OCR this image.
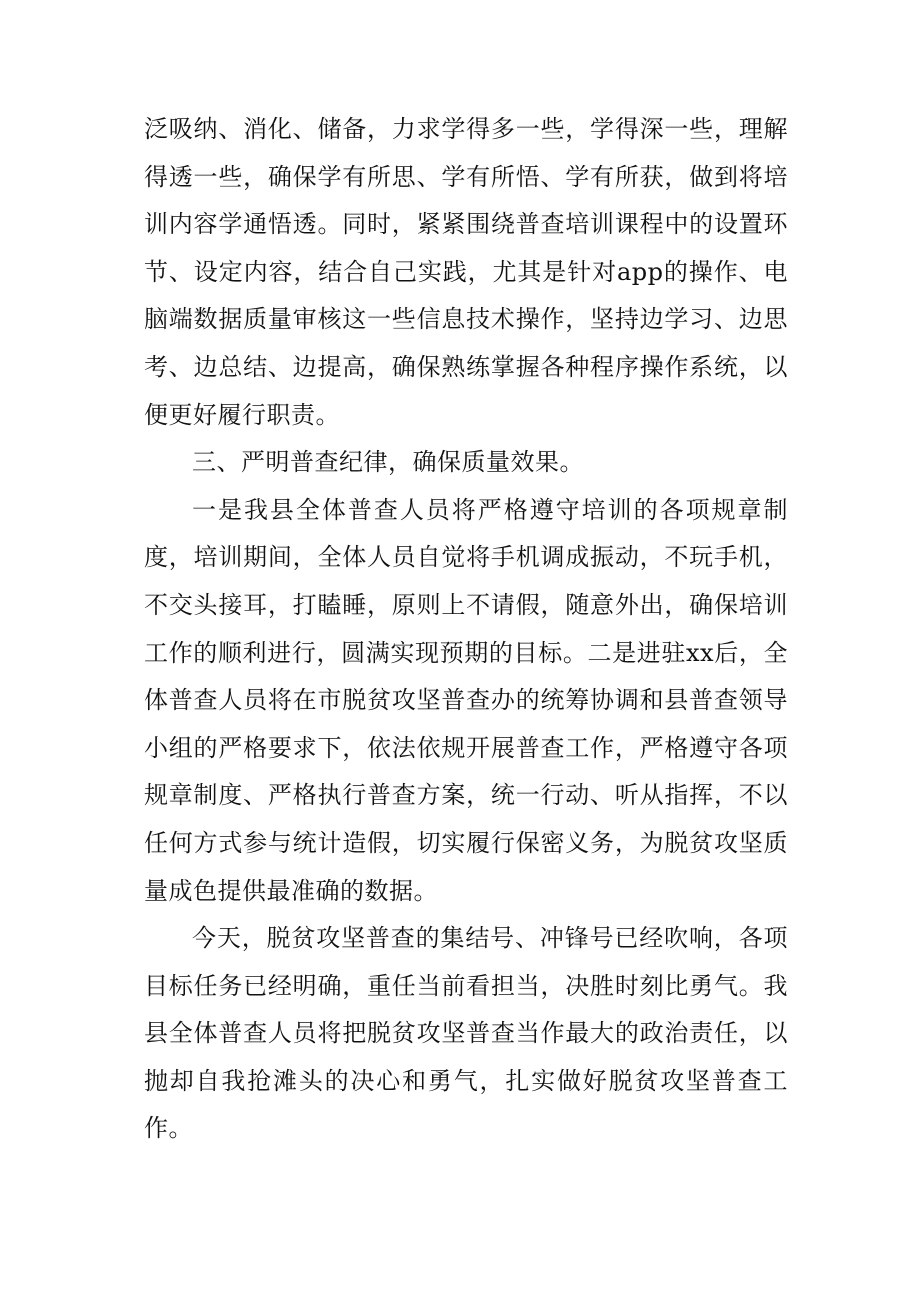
泛吸纳、消化、储备，力求学得多一些，学得深一些，理解得透一些，确保学有所思、学有所悟、学有所获，做到将培训内容学通悟透。同时，紧紧围绕普查培训课程中的设置环节、设定内容，结合自己实践，尤其是针对app的操作、电脑端数据质量审核这一些信息技术操作，坚持边学习、边思考、边总结、边提高，确保熟练掌握各种程序操作系统，以便更好履行职责。

三、严明普查纪律，确保质量效果。

一是我县全体普查人员将严格遵守培训的各项规章制度，培训期间，全体人员自觉将手机调成振动，不玩手机，不交头接耳，打瞌睡，原则上不请假，随意外出，确保培训工作的顺利进行，圆满实现预期的目标。二是进驻xx后，全体普查人员将在市脱贫攻坚普查办的统筹协调和县普查领导小组的严格要求下，依法依规开展普查工作，严格遵守各项规章制度、严格执行普查方案，统一行动、听从指挥，不以任何方式参与统计造假，切实履行保密义务，为脱贫攻坚质量成色提供最准确的数据。

今天，脱贫攻坚普查的集结号、冲锋号已经吹响，各项目标任务已经明确，重任当前看担当，决胜时刻比勇气。我县全体普查人员将把脱贫攻坚普查当作最大的政治责任，以抛却自我抢滩头的决心和勇气，扎实做好脱贫攻坚普查工作。
